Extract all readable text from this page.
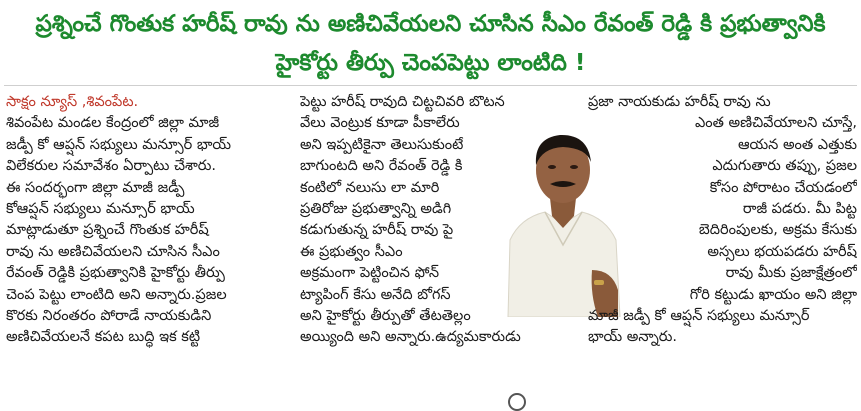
ప్రశ్నించే గొంతుక హరీష్ రావు ను అణిచివేయలని చూసిన సీఎం రేవంత్ రెడ్డి కి ప్రభుత్వానికి
హైకోర్టు తీర్పు చెంపపెట్టు లాంటిది !
సాక్షం న్యూస్ ,శివంపేట.
శివంపేట మండల కేంద్రంలో జిల్లా మాజీ
జడ్పీ కో ఆప్షన్ సభ్యులు మన్సూర్ భాయ్
విలేకరుల సమావేశం ఏర్పాటు చేశారు.
ఈ సందర్భంగా జిల్లా మాజీ జడ్పీ
కోఆప్షన్ సభ్యులు మన్సూర్ భాయ్
మాట్లాడుతూ ప్రశ్నించే గొంతుక హరీష్
రావు ను అణిచివేయలని చూసిన సీఎం
రేవంత్ రెడ్డికి ప్రభుత్వానికి హైకోర్టు తీర్పు
చెంప పెట్టు లాంటిది అని అన్నారు.ప్రజల
కొరకు నిరంతరం పోరాడే నాయకుడిని
అణిచివేయలనే కపట బుద్ధి ఇక కట్టి
పెట్టు హరీష్ రావుది చిట్టచివరి బొటన
వేలు వెంట్రుక కూడా పీకాలేరు
అని ఇప్పటికైనా తెలుసుకుంటే
బాగుంటది అని రేవంత్ రెడ్డి కి
కంటిలో నలుసు లా మారి
ప్రతిరోజు ప్రభుత్వాన్ని అడిగి
కడుగుతున్న హరీష్ రావు పై
ఈ ప్రభుత్వం సీఎం
అక్రమంగా పెట్టించిన ఫోన్
ట్యాపింగ్ కేసు అనేది బోగస్
అని హైకోర్టు తీర్పుతో తేటతెల్లం
అయ్యింది అని అన్నారు.ఉద్యమకారుడు
ప్రజా నాయకుడు హరీష్ రావు ను
ఎంత అణిచివేయాలని చూస్తే,
ఆయన అంత ఎత్తుకు
ఎదుగుతారు తప్పు, ప్రజల
కోసం పోరాటం చేయడంలో
రాజీ పడరు. మీ పిట్ట
బెదిరింపులకు, అక్రమ కేసుకు
అస్సలు భయపడరు హరీష్
రావు మీకు ప్రజాక్షేత్రంలో
గోరి కట్టుడు ఖాయం అని జిల్లా
మాజీ జడ్పీ కో ఆప్షన్ సభ్యులు మన్సూర్
భాయ్ అన్నారు.
